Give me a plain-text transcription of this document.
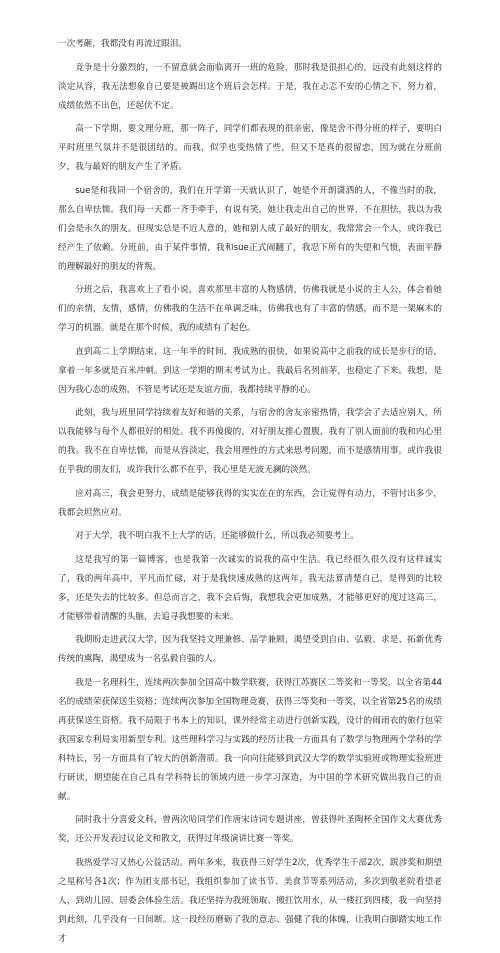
一次考砸，我都没有再流过眼泪。

竞争是十分激烈的，一不留意就会面临离开一班的危险，那时我是很担心的，远没有此刻这样的淡定从容，我无法想象自己要是被踢出这个班后会怎样。于是，我在忐忑不安的心情之下，努力着，成绩依然不出色，还起伏不定。

高一下学期，要文理分班，那一阵子，同学们都表现的很亲密，像是舍不得分班的样子，要明白平时班里气氛并不是很团结的。而我，似乎也变热情了些，但又不是真的很留恋，因为就在分班前夕，我与最好的朋友产生了矛盾。

sue是和我同一个宿舍的，我们在开学第一天就认识了，她是个开朗潇洒的人，不像当时的我，那么自卑怯懦。我们每一天都一齐手牵手，有说有笑，她让我走出自己的世界，不在胆怯，我以为我们会是永久的朋友。但现实总是不近人意的，她和别人成了最好的朋友，我常常会一个人，或许我已经产生了依赖。分班前，由于某件事情，我和sue正式闹翻了，我忍下所有的失望和气愤，表面平静的理解最好的朋友的背叛。

分班之后，我喜欢上了看小说，喜欢那里丰富的人物感情，仿佛我就是小说的主人公，体会着她们的亲情，友情，感情，仿佛我的生活不在单调乏味，仿佛我也有了丰富的情感，而不是一架麻木的学习的机器。就是在那个时候，我的成绩有了起色。

直到高二上学期结束，这一年半的时间，我成熟的很快，如果说高中之前我的成长是步行的话，拿着一年多就是百米冲刺。到这一学期的期末考试为止，我最后名列前茅，也稳定了下来。我想，是因为我心态的成熟，不管是考试还是友谊方面，我都持续平静的心。

此刻，我与班里同学持续着友好和谐的关系，与宿舍的舍友亲密热情，我学会了去适应别人，所以我能够与每个人都很好的相处。我不再傻傻的，对好朋友推心置腹，我有了别人面前的我和内心里的我。我不在自卑怯懦，而是从容淡定，我会用理性的方式来思考问题，而不是感情用事。或许我很在乎我的朋友们，或许我什么都不在乎，我心里是无波无澜的淡然。

应对高三，我会更努力，成绩是能够获得的实实在在的东西，会让觉得有动力，不管付出多少，我都会坦然应对。

对于大学，我不明白我不上大学的话，还能够做什么，所以我必须要考上。

这是我写的第一篇博客，也是我第一次诚实的说我的高中生活。我已经很久很久没有这样诚实了，我的两年高中，平凡而忙碌，对于是我快速成熟的这两年，我无法算清楚自己，是得到的比较多，还是失去的比较多。但总而言之，我不会后悔，我想我会更加成熟，才能够更好的度过这高三，才能够带着清醒的头脑，去追寻我想要的未来。

我期盼走进武汉大学，因为我坚持文理兼修、品学兼顾，渴望受到自由、弘毅、求是、拓新优秀传统的熏陶，渴望成为一名弘毅自强的人。

我是一名理科生，连续两次参加全国高中数学联赛，获得江苏赛区二等奖和一等奖，以全省第44名的成绩荣获保送生资格；连续两次参加全国物理竞赛，获得三等奖和一等奖，以全省第25名的成绩再获保送生资格。我不局限于书本上的知识，课外经常主动进行创新实践，设计的闹雨衣的旅行包荣获国家专利局实用新型专利。这些理科学习与实践的经历让我一方面具有了数学与物理两个学科的学科特长，另一方面具有了较大的创新潜质。我一向向往能够到武汉大学的数学实验班或物理实验班进行研读，期望能在自己具有学科特长的领域内进一步学习深造，为中国的学术研究做出我自己的贡献。

同时我十分喜爱文科，曾两次哈同学们作唐宋诗词专题讲座，曾获得叶圣陶杯全国作文大赛优秀奖，还公开发表过议论文和散文，获得过年级演讲比赛一等奖。

我热爱学习又热心公益活动。两年多来，我获得三好学生2次，优秀学生干部2次，跋涉奖和期望之星称号各1次；作为团支部书记，我组织参加了读书节、美食节等系列活动，多次到敬老院看望老人，到幼儿园、居委会体验生活。我还坚持为我班领取、搬扛饮用水，从一楼扛到四楼，我一向坚持到此刻，几乎没有一日间断。这一段经历磨砺了我的意志、强健了我的体魄，让我明白脚踏实地工作才
